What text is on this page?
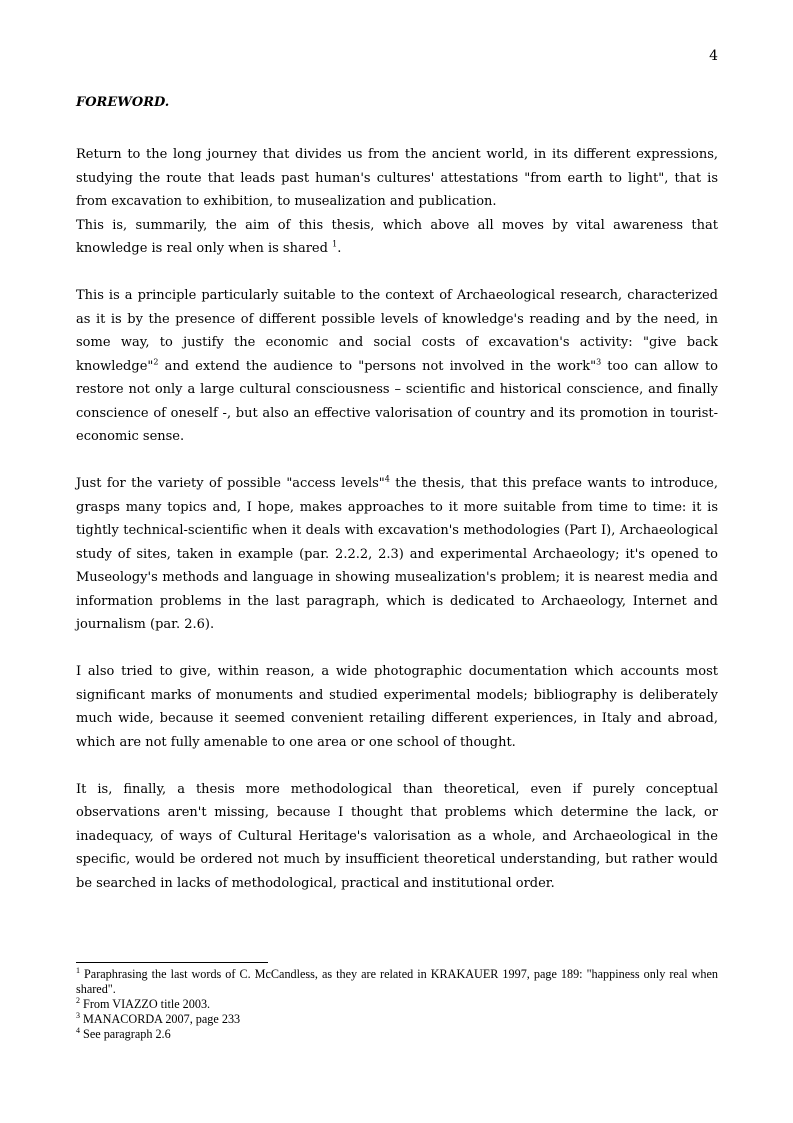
4
FOREWORD.

Return to the long journey that divides us from the ancient world, in its different expressions, studying the route that leads past human's cultures' attestations "from earth to light", that is from excavation to exhibition, to musealization and publication.

This is, summarily, the aim of this thesis, which above all moves by vital awareness that knowledge is real only when is shared $^1$.

This is a principle particularly suitable to the context of Archaeological research, characterized as it is by the presence of different possible levels of knowledge's reading and by the need, in some way, to justify the economic and social costs of excavation's activity: "give back knowledge"$^2$ and extend the audience to "persons not involved in the work"$^3$ too can allow to restore not only a large cultural consciousness – scientific and historical conscience, and finally conscience of oneself -, but also an effective valorisation of country and its promotion in tourist-economic sense.

Just for the variety of possible "access levels"$^4$ the thesis, that this preface wants to introduce, grasps many topics and, I hope, makes approaches to it more suitable from time to time: it is tightly technical-scientific when it deals with excavation's methodologies (Part I), Archaeological study of sites, taken in example (par. 2.2.2, 2.3) and experimental Archaeology; it's opened to Museology's methods and language in showing musealization's problem; it is nearest media and information problems in the last paragraph, which is dedicated to Archaeology, Internet and journalism (par. 2.6).

I also tried to give, within reason, a wide photographic documentation which accounts most significant marks of monuments and studied experimental models; bibliography is deliberately much wide, because it seemed convenient retailing different experiences, in Italy and abroad, which are not fully amenable to one area or one school of thought.

It is, finally, a thesis more methodological than theoretical, even if purely conceptual observations aren't missing, because I thought that problems which determine the lack, or inadequacy, of ways of Cultural Heritage's valorisation as a whole, and Archaeological in the specific, would be ordered not much by insufficient theoretical understanding, but rather would be searched in lacks of methodological, practical and institutional order.

$^1$ Paraphrasing the last words of C. McCandless, as they are related in KRAKAUER 1997, page 189: "happiness only real when shared".

$^2$ From VIAZZO title 2003.

$^3$ MANACORDA 2007, page 233

$^4$ See paragraph 2.6
